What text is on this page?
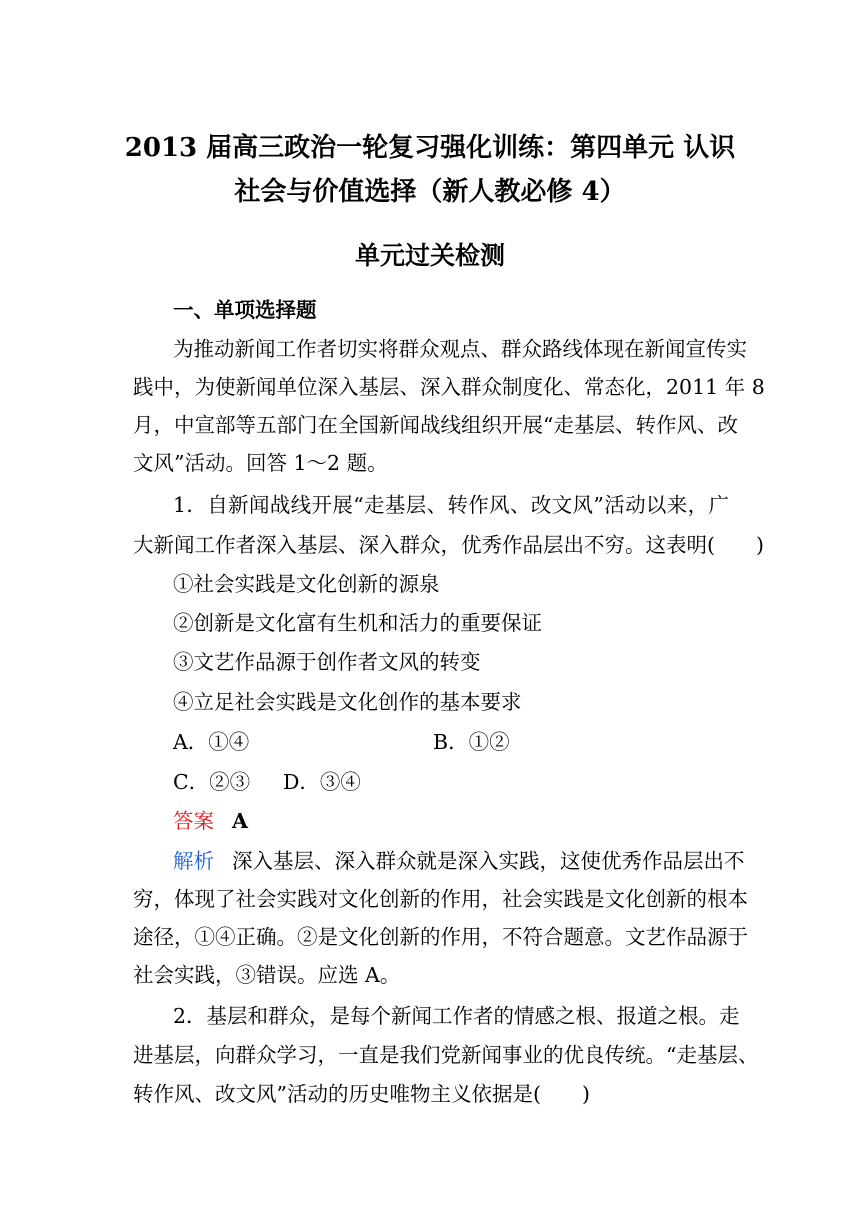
2013 届高三政治一轮复习强化训练：第四单元 认识
社会与价值选择（新人教必修 4）
单元过关检测

一、单项选择题

为推动新闻工作者切实将群众观点、群众路线体现在新闻宣传实

践中，为使新闻单位深入基层、深入群众制度化、常态化，2011 年 8

月，中宣部等五部门在全国新闻战线组织开展“走基层、转作风、改

文风”活动。回答 1～2 题。

1．自新闻战线开展“走基层、转作风、改文风”活动以来，广

大新闻工作者深入基层、深入群众，优秀作品层出不穷。这表明(　　)

①社会实践是文化创新的源泉

②创新是文化富有生机和活力的重要保证

③文艺作品源于创作者文风的转变

④立足社会实践是文化创作的基本要求

A．①④	B．①②

C．②③	D．③④

答案 A

解析 深入基层、深入群众就是深入实践，这使优秀作品层出不

穷，体现了社会实践对文化创新的作用，社会实践是文化创新的根本

途径，①④正确。②是文化创新的作用，不符合题意。文艺作品源于

社会实践，③错误。应选 A。

2．基层和群众，是每个新闻工作者的情感之根、报道之根。走

进基层，向群众学习，一直是我们党新闻事业的优良传统。“走基层、

转作风、改文风”活动的历史唯物主义依据是(　　)
